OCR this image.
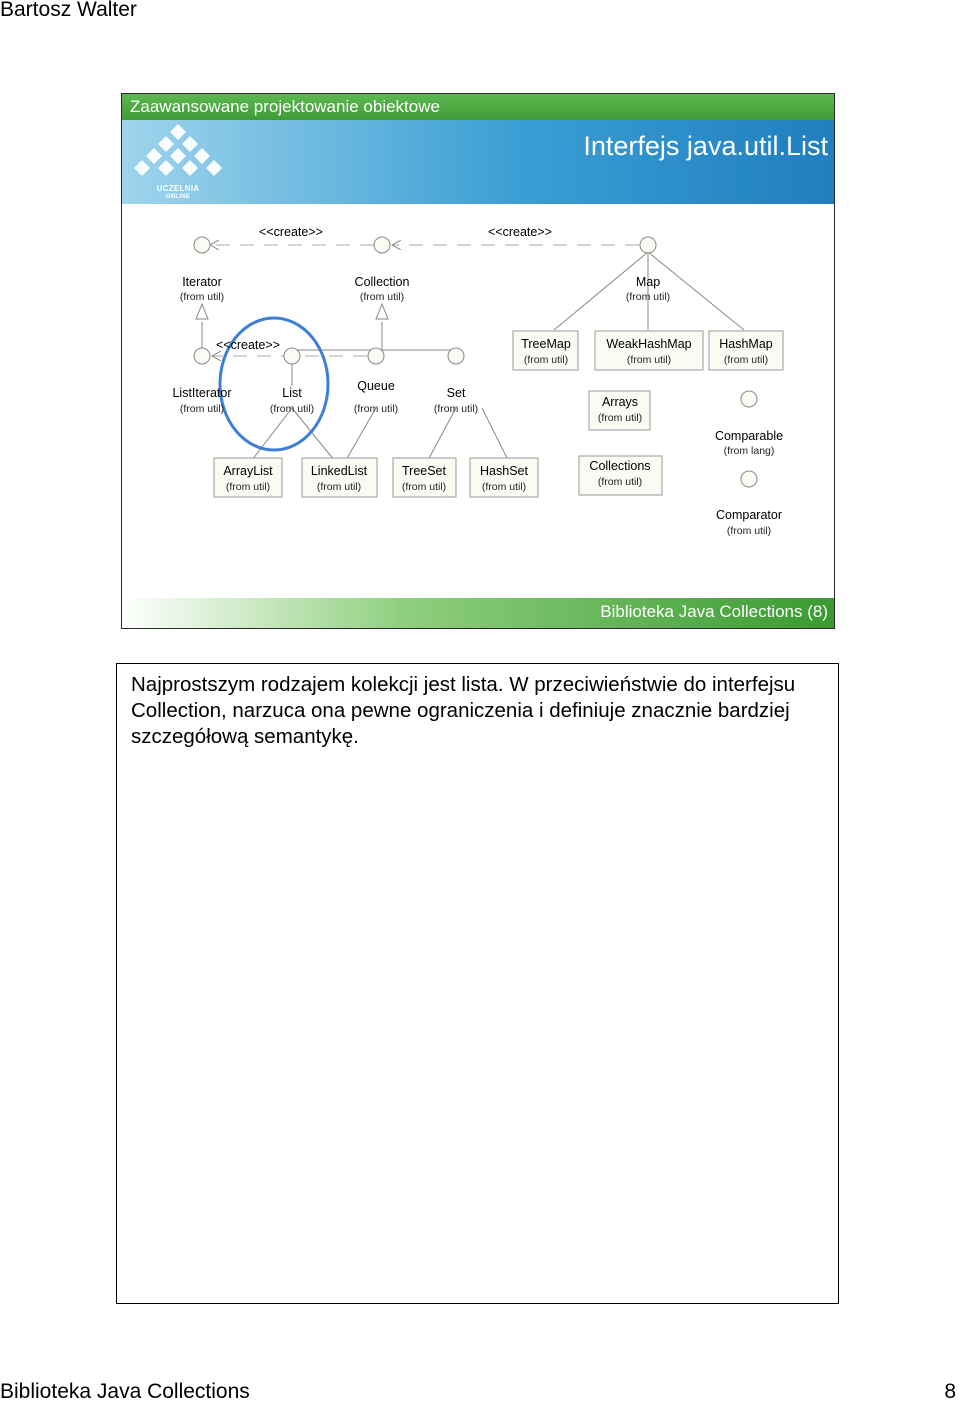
Bartosz Walter
Zaawansowane projektowanie obiektowe
UCZELNIA
ONLINE
Interfejs java.util.List
<<create>>	<<create>>
<<create>>
Iterator
(from util)
Collection
(from util)
Map
(from util)
TreeMap
(from util)
WeakHashMap
(from util)
HashMap
(from util)
ListIterator
(from util)
List
(from util)
Queue
(from util)
Set
(from util)	Arrays
(from util)
Comparable
(from lang)
ArrayList
(from util)
LinkedList
(from util)
TreeSet
(from util)
HashSet
(from util)
Collections
(from util)
Comparator
(from util)
Biblioteka Java Collections (8)

Najprostszym rodzajem kolekcji jest lista. W przeciwieństwie do interfejsu Collection, narzuca ona pewne ograniczenia i definiuje znacznie bardziej szczegółową semantykę.

Biblioteka Java Collections	8
